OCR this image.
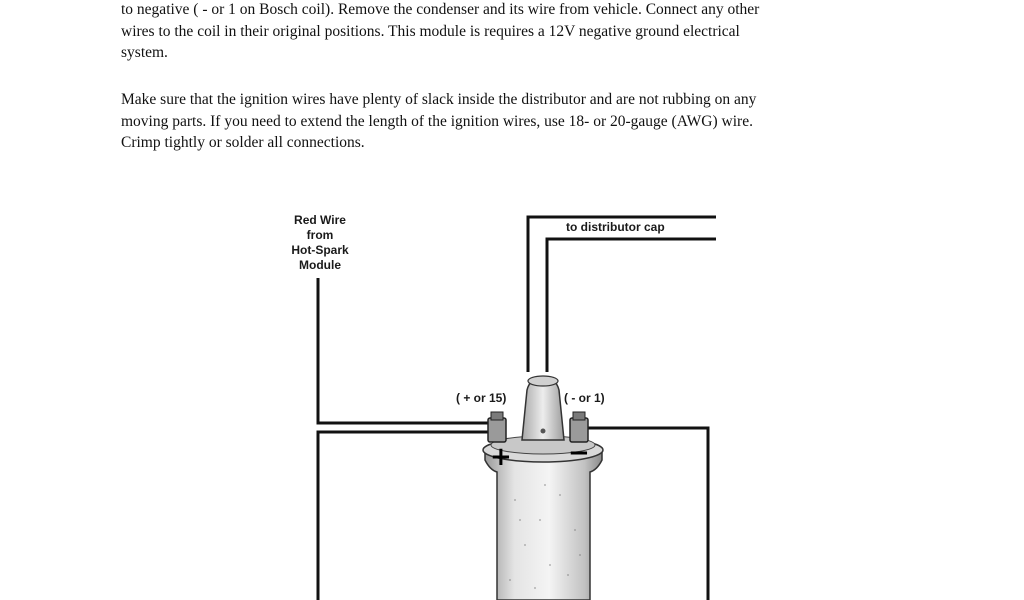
to negative ( - or 1 on Bosch coil). Remove the condenser and its wire from vehicle. Connect any other
wires to the coil in their original positions. This module is requires a 12V negative ground electrical
system.

Make sure that the ignition wires have plenty of slack inside the distributor and are not rubbing on any
moving parts. If you need to extend the length of the ignition wires, use 18- or 20-gauge (AWG) wire.
Crimp tightly or solder all connections.

+ −
Red Wire
from
Hot-Spark
Module
to distributor cap
( + or 15)	( - or 1)
